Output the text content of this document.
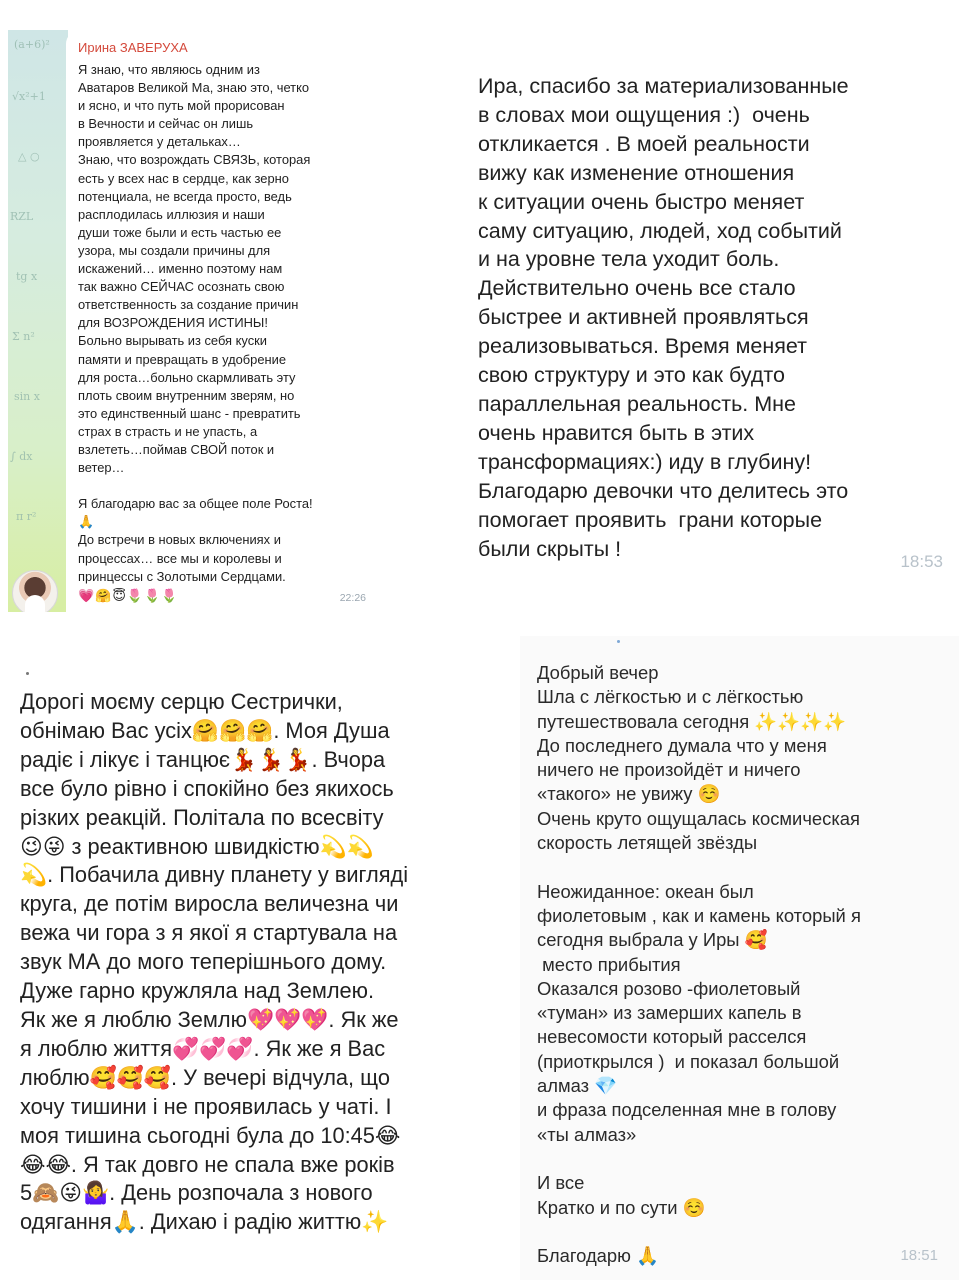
(a+6)²
√x²+1
△ ○
RZL
tg x
Σ n²
sin x
∫ dx
π r²
Ирина ЗАВЕРУХА

Я знаю, что являюсь одним из

Аватаров Великой Ма, знаю это, четко

и ясно, и что путь мой прорисован

в Вечности и сейчас он лишь

проявляется у детальках…

Знаю, что возрождать СВЯЗЬ, которая

есть у всех нас в сердце, как зерно

потенциала, не всегда просто, ведь

расплодилась иллюзия и наши

души тоже были и есть частью ее

узора, мы создали причины для

искажений… именно поэтому нам

так важно СЕЙЧАС осознать свою

ответственность за создание причин

для ВОЗРОЖДЕНИЯ ИСТИНЫ!

Больно вырывать из себя куски

памяти и превращать в удобрение

для роста…больно скармливать эту

плоть своим внутренним зверям, но

это единственный шанс - превратить

страх в страсть и не упасть, а

взлететь…поймав СВОЙ поток и

ветер…

Я благодарю вас за общее поле Роста!

🙏

До встречи в новых включениях и

процессах… все мы и королевы и

принцессы с Золотыми Сердцами.

💗🤗😇🌷🌷🌷	22:26

Ира, спасибо за материализованные

в словах мои ощущения :)  очень

откликается . В моей реальности

вижу как изменение отношения

к ситуации очень быстро меняет

саму ситуацию, людей, ход событий

и на уровне тела уходит боль.

Действительно очень все стало

быстрее и активней проявляться

реализовываться. Время меняет

свою структуру и это как будто

параллельная реальность. Мне

очень нравится быть в этих

трансформациях:) иду в глубину!

Благодарю девочки что делитесь это

помогает проявить  грани которые

были скрыты !

18:53

Дорогі моєму серцю Сестрички,

обнімаю Вас усіх🤗🤗🤗. Моя Душа

радіє і лікує і танцює💃💃💃. Вчора

все було рівно і спокійно без якихось

різких реакцій. Політала по всесвіту

😉😜 з реактивною швидкістю💫💫

💫. Побачила дивну планету у вигляді

круга, де потім виросла величезна чи

вежа чи гора з я якої я стартувала на

звук МА до мого теперішнього дому.

Дуже гарно кружляла над Землею.

Як же я люблю Землю💖💖💖. Як же

я люблю життя💞💞💞. Як же я Вас

люблю🥰🥰🥰. У вечері відчула, що

хочу тишини і не проявилась у чаті. І

моя тишина сьогодні була до 10:45😂

😂😂. Я так довго не спала вже років

5🙈😜🤷‍♀️. День розпочала з нового

одягання🙏. Дихаю і радію життю✨

Добрый вечер

Шла с лёгкостью и с лёгкостью

путешествовала сегодня ✨✨✨✨

До последнего думала что у меня

ничего не произойдёт и ничего

«такого» не увижу ☺️

Очень круто ощущалась космическая

скорость летящей звёзды

Неожиданное: океан был

фиолетовым , как и камень который я

сегодня выбрала у Иры 🥰

место прибытия

Оказался розово -фиолетовый

«туман» из замерших капель в

невесомости который расселся

(приоткрылся )  и показал большой

алмаз 💎

и фраза подселенная мне в голову

«ты алмаз»

И все

Кратко и по сути ☺️

Благодарю 🙏	18:51
